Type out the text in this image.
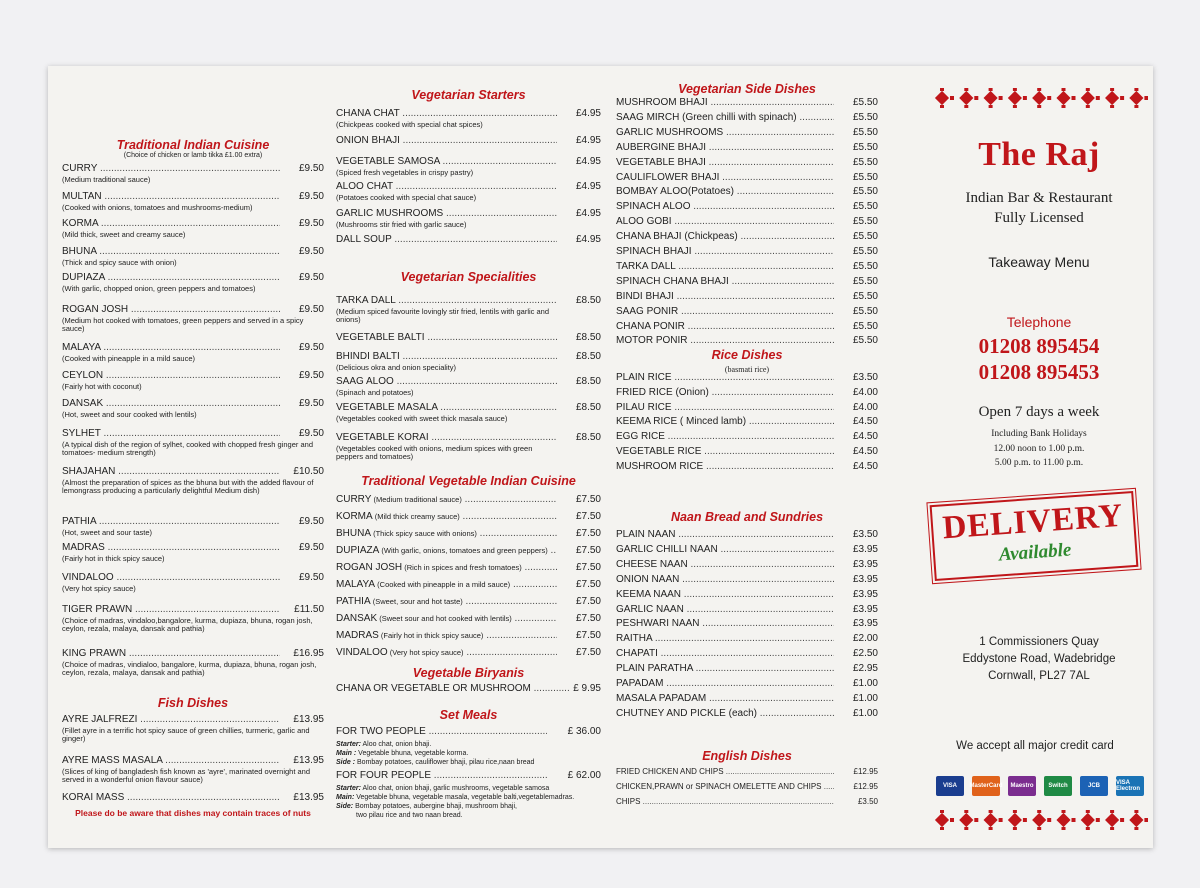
Traditional Indian Cuisine
(Choice of chicken or lamb tikka £1.00 extra)
CURRY .....	£9.50
(Medium traditional sauce)
MULTAN .....	£9.50
(Cooked with onions, tomatoes and mushrooms-medium)
KORMA .....	£9.50
(Mild thick, sweet and creamy sauce)
BHUNA .....	£9.50
(Thick and spicy sauce with onion)
DUPIAZA .....	£9.50
(With garlic, chopped onion, green peppers and tomatoes)
ROGAN JOSH .....	£9.50
(Medium hot cooked with tomatoes, green peppers and served in a spicy sauce)
MALAYA .....	£9.50
(Cooked with pineapple in a mild sauce)
CEYLON .....	£9.50
(Fairly hot with coconut)
DANSAK .....	£9.50
(Hot, sweet and sour cooked with lentils)
SYLHET .....	£9.50
(A typical dish of the region of sylhet, cooked with chopped fresh ginger and tomatoes- medium strength)
SHAJAHAN .....	£10.50
(Almost the preparation of spices as the bhuna but with the added flavour of lemongrass producing a particularly delightful Medium dish)
PATHIA .....	£9.50
(Hot, sweet and sour taste)
MADRAS .....	£9.50
(Fairly hot in thick spicy sauce)
VINDALOO .....	£9.50
(Very hot spicy sauce)
TIGER PRAWN .....	£11.50
(Choice of madras, vindaloo,bangalore, kurma, dupiaza, bhuna, rogan josh, ceylon, rezala, malaya, dansak and pathia)
KING PRAWN .....	£16.95
(Choice of madras, vindialoo, bangalore, kurma, dupiaza, bhuna, rogan josh, ceylon, rezala, malaya, dansak and pathia)
Fish Dishes
AYRE JALFREZI .....	£13.95
(Fillet ayre in a terrific hot spicy sauce of green chillies, turmeric, garlic and ginger)
AYRE MASS MASALA .....	£13.95
(Slices of king of bangladesh fish known as 'ayre', marinated overnight and served in a wonderful onion flavour sauce)
KORAI MASS .....	£13.95
Please do be aware that dishes may contain traces of nuts
Vegetarian Starters
CHANA CHAT .....	£4.95
(Chickpeas cooked with special chat spices)
ONION BHAJI .....	£4.95
VEGETABLE SAMOSA .....	£4.95
(Spiced fresh vegetables in crispy pastry)
ALOO CHAT .....	£4.95
(Potatoes cooked with special chat sauce)
GARLIC MUSHROOMS .....	£4.95
(Mushrooms stir fried with garlic sauce)
DALL SOUP .....	£4.95
Vegetarian Specialities
TARKA DALL .....	£8.50
(Medium spiced favourite lovingly stir fried, lentils with garlic and onions)
VEGETABLE BALTI .....	£8.50
BHINDI BALTI .....	£8.50
(Delicious okra and onion speciality)
SAAG ALOO .....	£8.50
(Spinach and potatoes)
VEGETABLE MASALA .....	£8.50
(Vegetables cooked with sweet thick masala sauce)
VEGETABLE KORAI .....	£8.50
(Vegetables cooked with onions, medium spices with green peppers and tomatoes)
Traditional Vegetable Indian Cuisine
CURRY (Medium traditional sauce) .....	£7.50
KORMA (Mild thick creamy sauce) .....	£7.50
BHUNA (Thick spicy sauce with onions) .....	£7.50
DUPIAZA (With garlic, onions, tomatoes and green peppers) .....	£7.50
ROGAN JOSH (Rich in spices and fresh tomatoes) .....	£7.50
MALAYA (Cooked with pineapple in a mild sauce) .....	£7.50
PATHIA (Sweet, sour and hot taste) .....	£7.50
DANSAK (Sweet sour and hot cooked with lentils) .....	£7.50
MADRAS (Fairly hot in thick spicy sauce) .....	£7.50
VINDALOO (Very hot spicy sauce) .....	£7.50
Vegetable Biryanis
CHANA OR VEGETABLE OR MUSHROOM .....	£ 9.95
Set Meals
FOR TWO PEOPLE .....	£ 36.00
Starter: Aloo chat, onion bhaji.
Main : Vegetable bhuna, vegetable korma.
Side : Bombay potatoes, cauliflower bhaji, pilau rice,naan bread
FOR FOUR PEOPLE .....	£ 62.00
Starter: Aloo chat, onion bhaji, garlic mushrooms, vegetable samosa
Main: Vegetable bhuna, vegetable masala, vegetable balti,vegetablemadras.
Side: Bombay potatoes, aubergine bhaji, mushroom bhaji,
two pilau rice and two naan bread.
Vegetarian Side Dishes
MUSHROOM BHAJI .....	£5.50
SAAG MIRCH (Green chilli with spinach) .....	£5.50
GARLIC MUSHROOMS .....	£5.50
AUBERGINE BHAJI .....	£5.50
VEGETABLE BHAJI .....	£5.50
CAULIFLOWER BHAJI .....	£5.50
BOMBAY ALOO(Potatoes) .....	£5.50
SPINACH ALOO .....	£5.50
ALOO GOBI .....	£5.50
CHANA BHAJI (Chickpeas) .....	£5.50
SPINACH BHAJI .....	£5.50
TARKA DALL .....	£5.50
SPINACH CHANA BHAJI .....	£5.50
BINDI BHAJI .....	£5.50
SAAG PONIR .....	£5.50
CHANA PONIR .....	£5.50
MOTOR PONIR .....	£5.50
Rice Dishes
(basmati rice)
PLAIN RICE .....	£3.50
FRIED RICE (Onion) .....	£4.00
PILAU RICE .....	£4.00
KEEMA RICE ( Minced lamb) .....	£4.50
EGG RICE .....	£4.50
VEGETABLE RICE .....	£4.50
MUSHROOM RICE .....	£4.50
Naan Bread and Sundries
PLAIN NAAN .....	£3.50
GARLIC CHILLI NAAN .....	£3.95
CHEESE NAAN .....	£3.95
ONION NAAN .....	£3.95
KEEMA NAAN .....	£3.95
GARLIC NAAN .....	£3.95
PESHWARI NAAN .....	£3.95
RAITHA .....	£2.00
CHAPATI .....	£2.50
PLAIN PARATHA .....	£2.95
PAPADAM .....	£1.00
MASALA PAPADAM .....	£1.00
CHUTNEY AND PICKLE (each) .....	£1.00
English Dishes
FRIED CHICKEN AND CHIPS .....	£12.95
CHICKEN,PRAWN or SPINACH OMELETTE AND CHIPS .....	£12.95
CHIPS .....	£3.50
The Raj
Indian Bar & Restaurant
Fully Licensed
Takeaway Menu
Telephone
01208 895454
01208 895453
Open 7 days a week
Including Bank Holidays
12.00 noon to 1.00 p.m.
5.00 p.m. to 11.00 p.m.
DELIVERY
Available
1 Commissioners Quay
Eddystone Road, Wadebridge
Cornwall, PL27 7AL
We accept all major credit card
VISA	MasterCard	Maestro	Switch	JCB	VISA Electron
